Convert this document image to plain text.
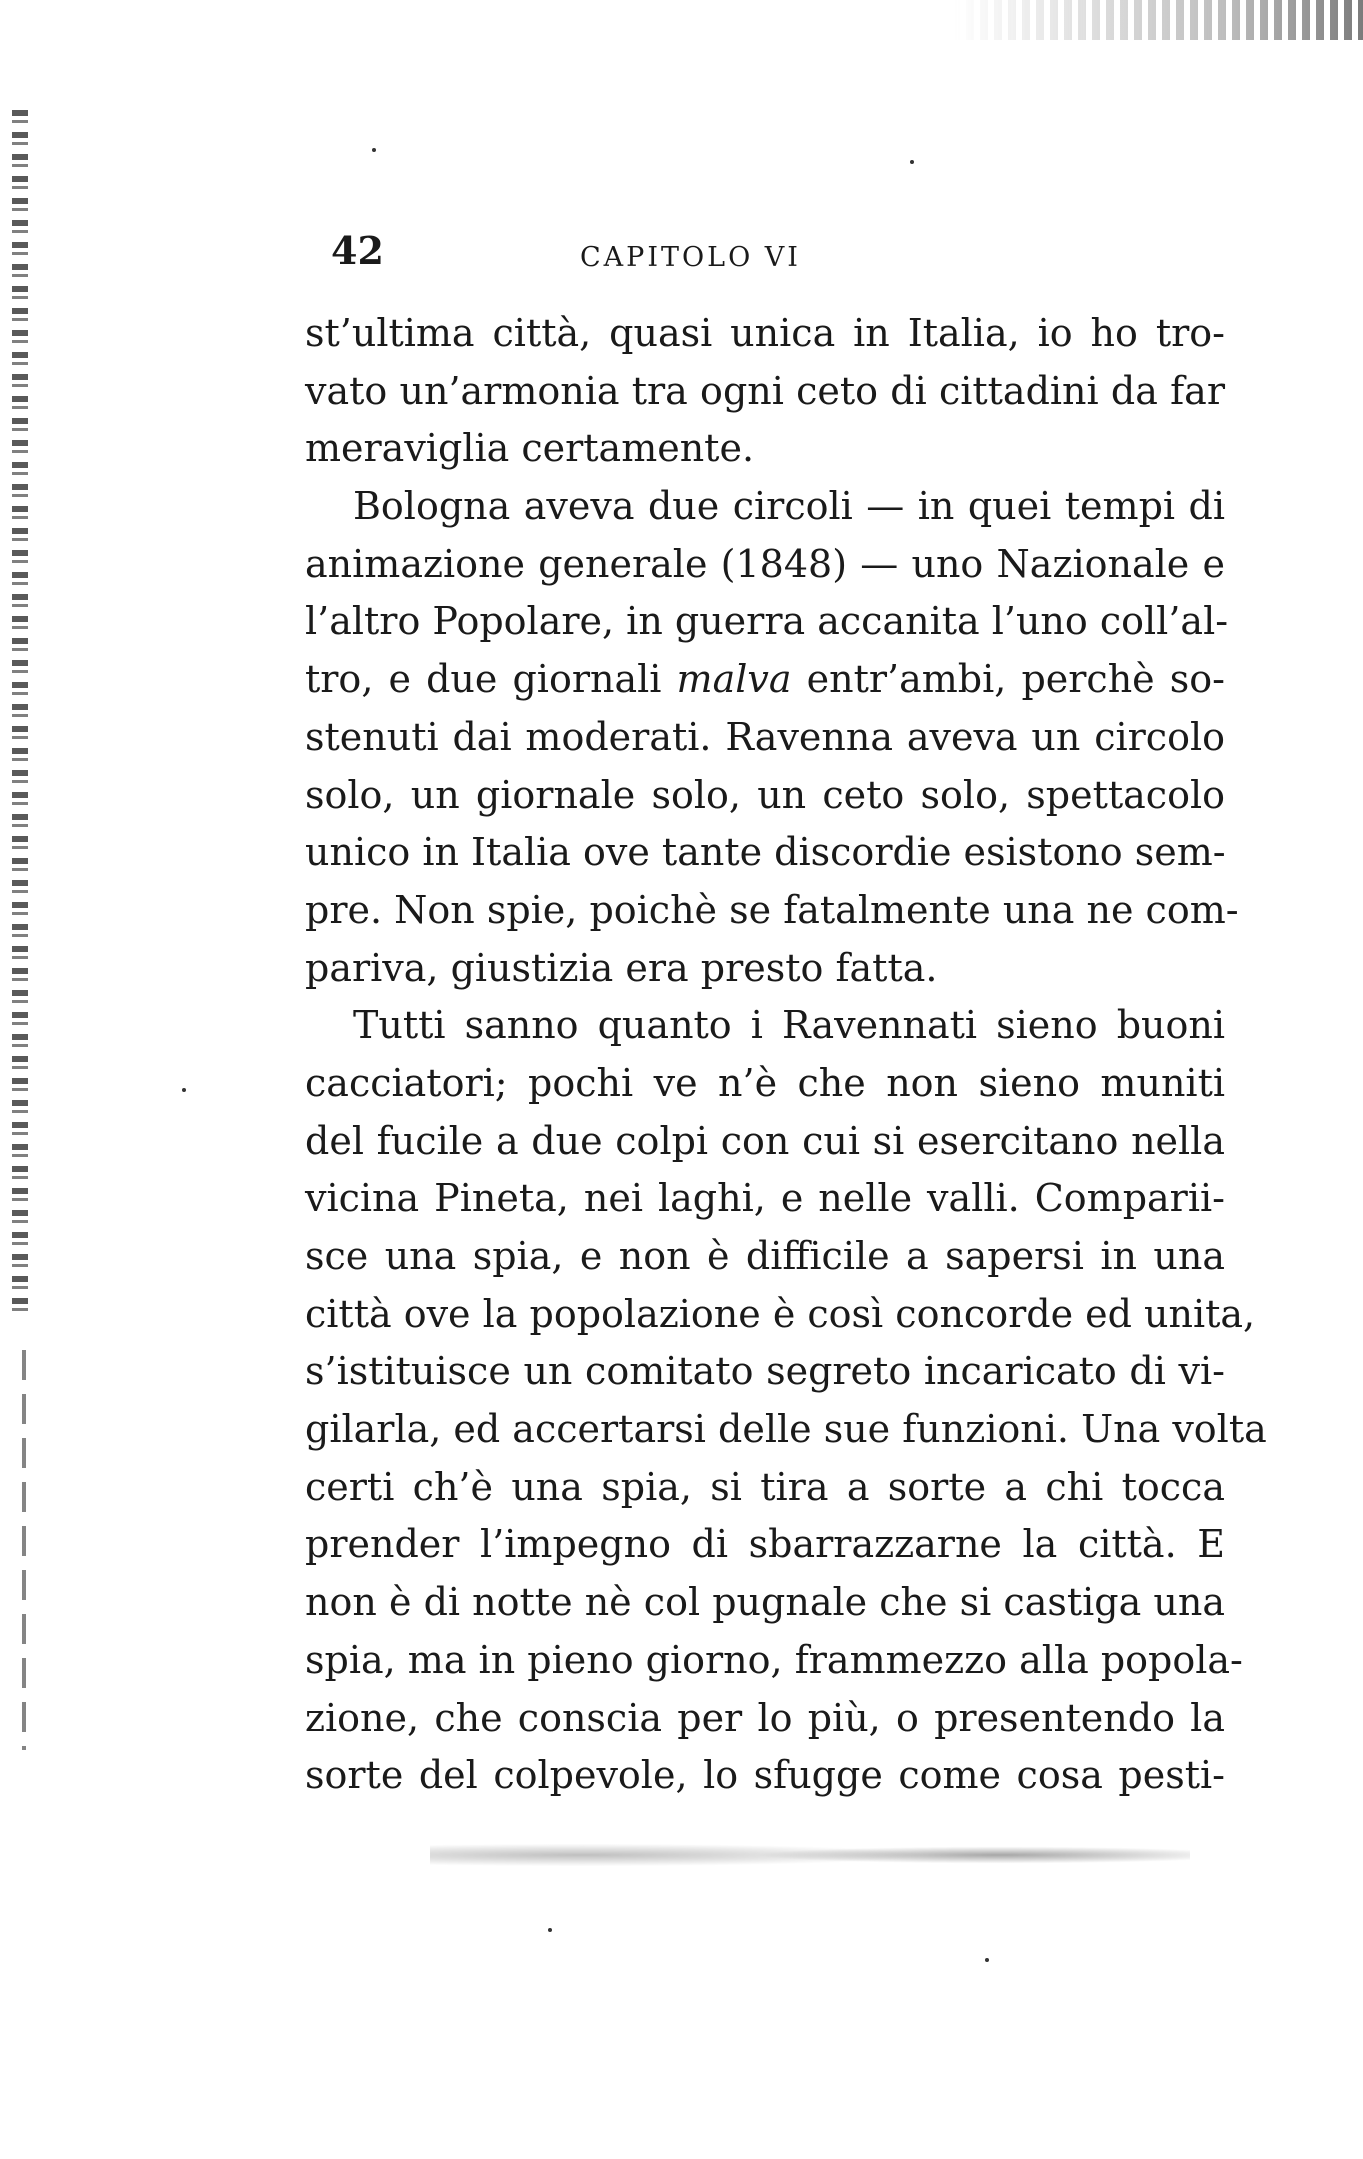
42	CAPITOLO VI
st’ultima città, quasi unica in Italia, io ho tro-
vato un’armonia tra ogni ceto di cittadini da far
meraviglia certamente.
Bologna aveva due circoli — in quei tempi di
animazione generale (1848) — uno Nazionale e
l’altro Popolare, in guerra accanita l’uno coll’al-
tro, e due giornali malva entr’ambi, perchè so-
stenuti dai moderati. Ravenna aveva un circolo
solo, un giornale solo, un ceto solo, spettacolo
unico in Italia ove tante discordie esistono sem-
pre. Non spie, poichè se fatalmente una ne com-
pariva, giustizia era presto fatta.
Tutti sanno quanto i Ravennati sieno buoni
cacciatori; pochi ve n’è che non sieno muniti
del fucile a due colpi con cui si esercitano nella
vicina Pineta, nei laghi, e nelle valli. Comparii-
sce una spia, e non è difficile a sapersi in una
città ove la popolazione è così concorde ed unita,
s’istituisce un comitato segreto incaricato di vi-
gilarla, ed accertarsi delle sue funzioni. Una volta
certi ch’è una spia, si tira a sorte a chi tocca
prender l’impegno di sbarrazzarne la città. E
non è di notte nè col pugnale che si castiga una
spia, ma in pieno giorno, frammezzo alla popola-
zione, che conscia per lo più, o presentendo la
sorte del colpevole, lo sfugge come cosa pesti-
